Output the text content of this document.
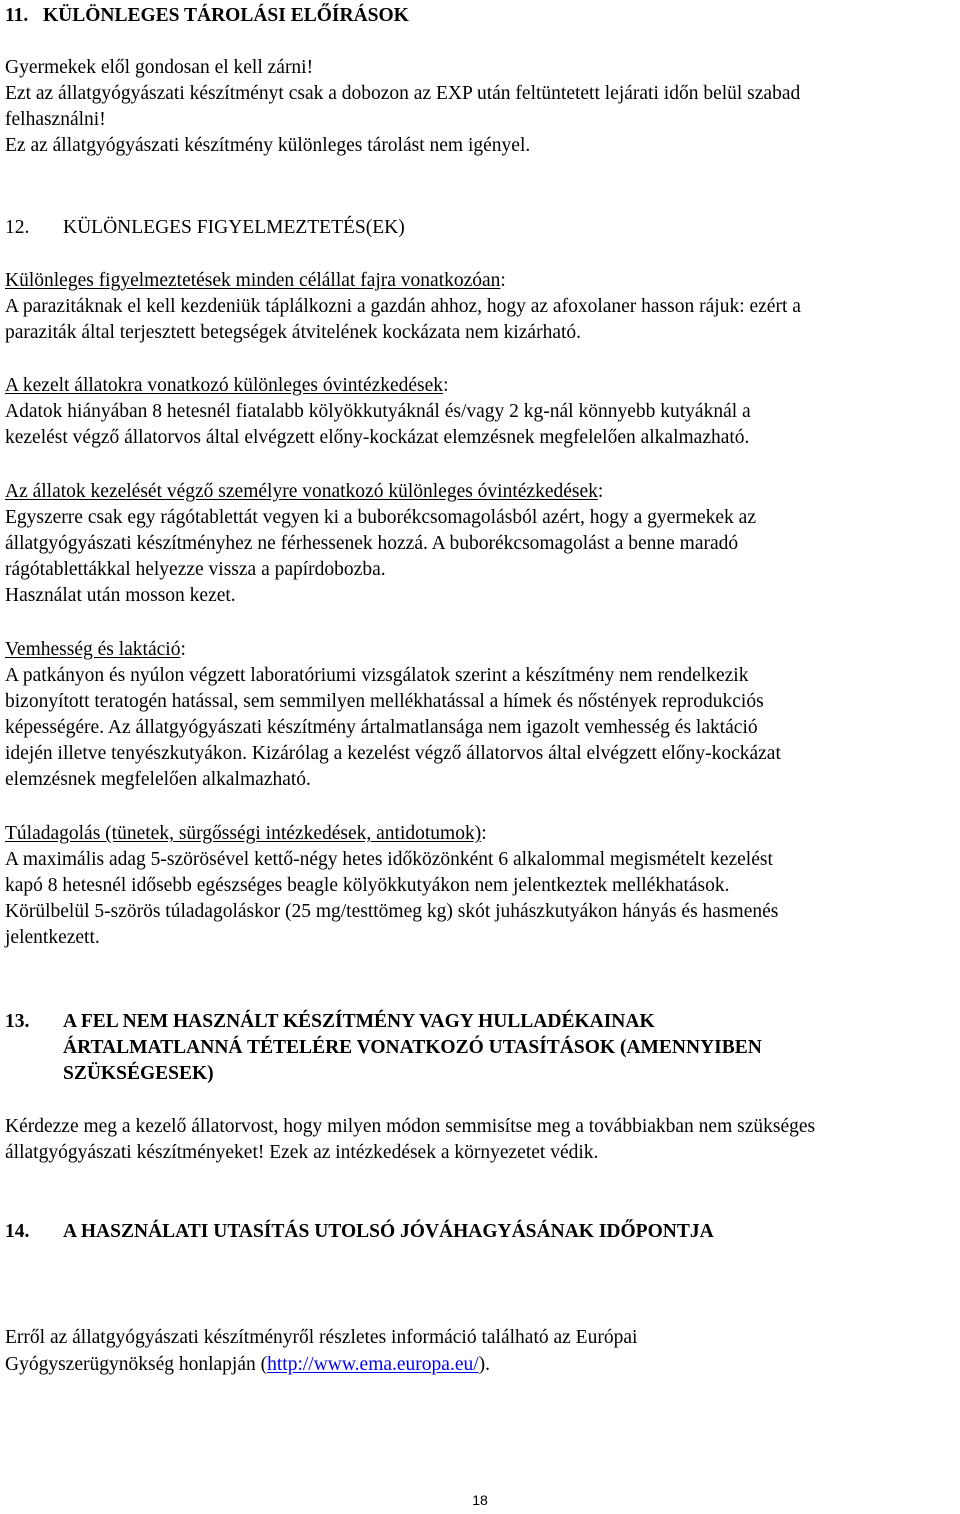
11. KÜLÖNLEGES TÁROLÁSI ELŐÍRÁSOK
Gyermekek elől gondosan el kell zárni!
Ezt az állatgyógyászati készítményt csak a dobozon az EXP után feltüntetett lejárati időn belül szabad
felhasználni!
Ez az állatgyógyászati készítmény különleges tárolást nem igényel.
12. KÜLÖNLEGES FIGYELMEZTETÉS(EK)
Különleges figyelmeztetések minden célállat fajra vonatkozóan:
A parazitáknak el kell kezdeniük táplálkozni a gazdán ahhoz, hogy az afoxolaner hasson rájuk: ezért a
paraziták által terjesztett betegségek átvitelének kockázata nem kizárható.
A kezelt állatokra vonatkozó különleges óvintézkedések:
Adatok hiányában 8 hetesnél fiatalabb kölyökkutyáknál és/vagy 2 kg-nál könnyebb kutyáknál a
kezelést végző állatorvos által elvégzett előny-kockázat elemzésnek megfelelően alkalmazható.
Az állatok kezelését végző személyre vonatkozó különleges óvintézkedések:
Egyszerre csak egy rágótablettát vegyen ki a buborékcsomagolásból azért, hogy a gyermekek az
állatgyógyászati készítményhez ne férhessenek hozzá. A buborékcsomagolást a benne maradó
rágótablettákkal helyezze vissza a papírdobozba.
Használat után mosson kezet.
Vemhesség és laktáció:
A patkányon és nyúlon végzett laboratóriumi vizsgálatok szerint a készítmény nem rendelkezik
bizonyított teratogén hatással, sem semmilyen mellékhatással a hímek és nőstények reprodukciós
képességére. Az állatgyógyászati készítmény ártalmatlansága nem igazolt vemhesség és laktáció
idején illetve tenyészkutyákon. Kizárólag a kezelést végző állatorvos által elvégzett előny-kockázat
elemzésnek megfelelően alkalmazható.
Túladagolás (tünetek, sürgősségi intézkedések, antidotumok):
A maximális adag 5-szörösével kettő-négy hetes időközönként 6 alkalommal megismételt kezelést
kapó 8 hetesnél idősebb egészséges beagle kölyökkutyákon nem jelentkeztek mellékhatások.
Körülbelül 5-szörös túladagoláskor (25 mg/testtömeg kg) skót juhászkutyákon hányás és hasmenés
jelentkezett.
13. A FEL NEM HASZNÁLT KÉSZÍTMÉNY VAGY HULLADÉKAINAK
ÁRTALMATLANNÁ TÉTELÉRE VONATKOZÓ UTASÍTÁSOK (AMENNYIBEN
SZÜKSÉGESEK)
Kérdezze meg a kezelő állatorvost, hogy milyen módon semmisítse meg a továbbiakban nem szükséges
állatgyógyászati készítményeket! Ezek az intézkedések a környezetet védik.
14. A HASZNÁLATI UTASÍTÁS UTOLSÓ JÓVÁHAGYÁSÁNAK IDŐPONTJA
Erről az állatgyógyászati készítményről részletes információ található az Európai
Gyógyszerügynökség honlapján (http://www.ema.europa.eu/).
18
